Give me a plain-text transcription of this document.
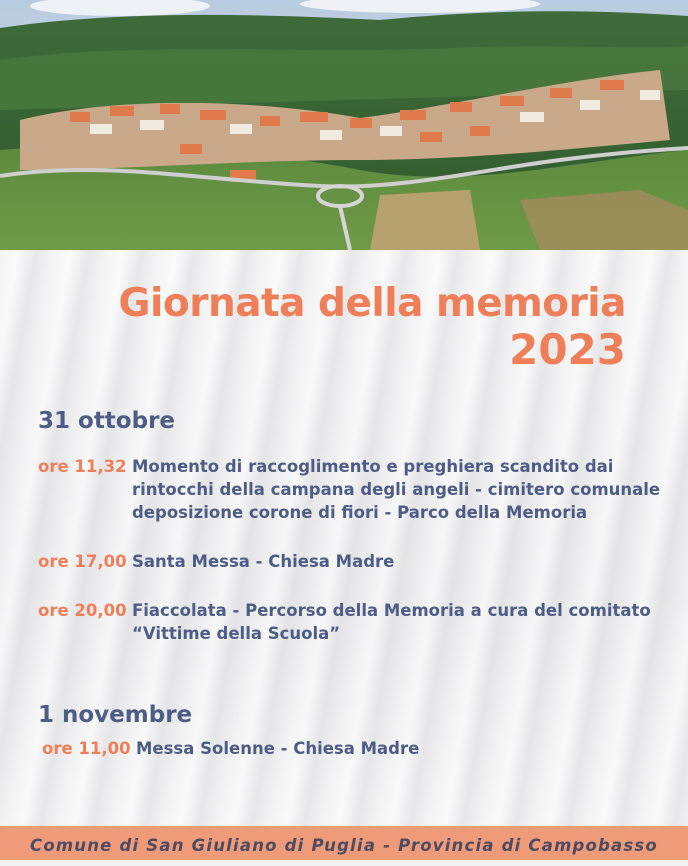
Giornata della memoria
2023
31 ottobre
ore 11,32 Momento di raccoglimento e preghiera scandito dai
rintocchi della campana degli angeli - cimitero comunale
deposizione corone di fiori - Parco della Memoria
ore 17,00 Santa Messa - Chiesa Madre
ore 20,00 Fiaccolata - Percorso della Memoria a cura del comitato
“Vittime della Scuola”
1 novembre
ore 11,00 Messa Solenne - Chiesa Madre
Comune di San Giuliano di Puglia - Provincia di Campobasso
